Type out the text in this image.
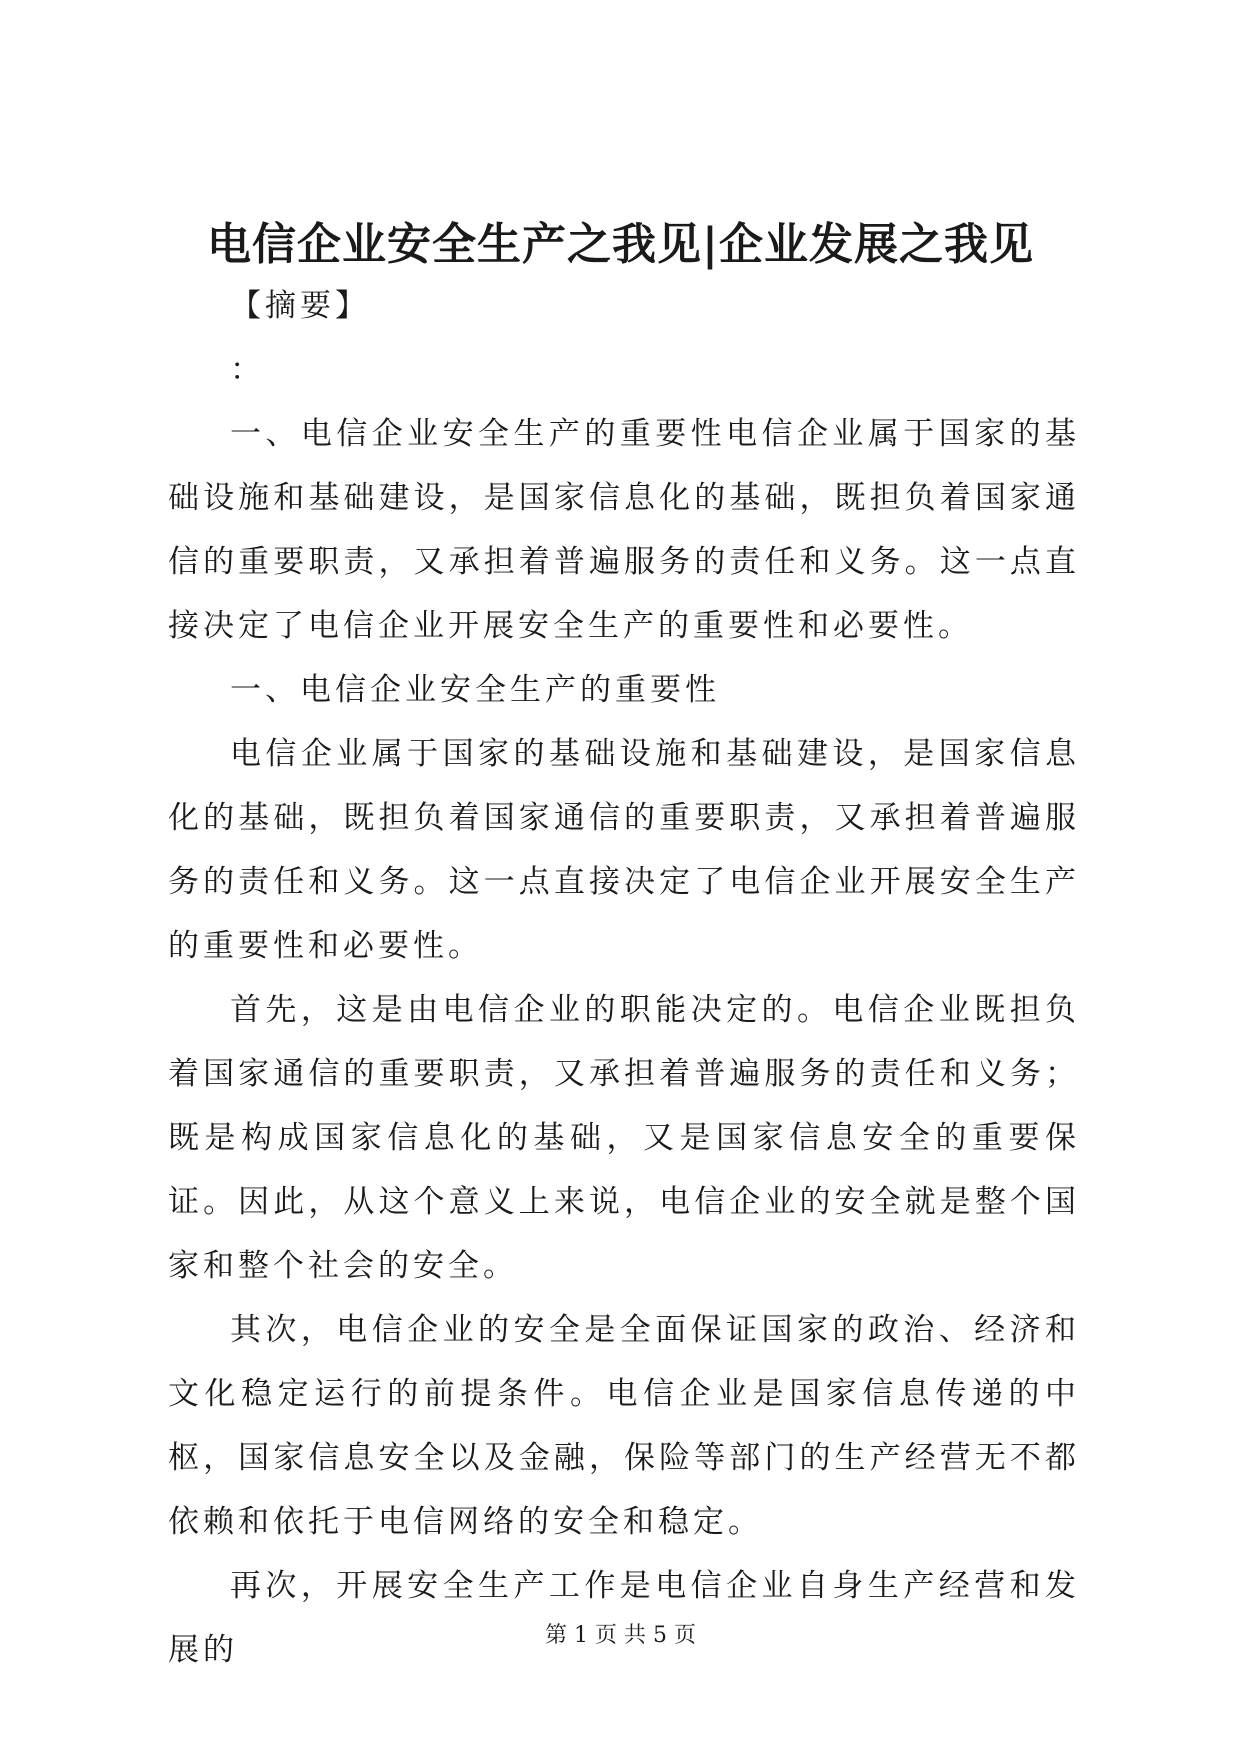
电信企业安全生产之我见|企业发展之我见

【摘要】

：

一、电信企业安全生产的重要性电信企业属于国家的基础设施和基础建设，是国家信息化的基础，既担负着国家通信的重要职责，又承担着普遍服务的责任和义务。这一点直接决定了电信企业开展安全生产的重要性和必要性。

一、电信企业安全生产的重要性

电信企业属于国家的基础设施和基础建设，是国家信息化的基础，既担负着国家通信的重要职责，又承担着普遍服务的责任和义务。这一点直接决定了电信企业开展安全生产的重要性和必要性。

首先，这是由电信企业的职能决定的。电信企业既担负着国家通信的重要职责，又承担着普遍服务的责任和义务；既是构成国家信息化的基础，又是国家信息安全的重要保证。因此，从这个意义上来说，电信企业的安全就是整个国家和整个社会的安全。

其次，电信企业的安全是全面保证国家的政治、经济和文化稳定运行的前提条件。电信企业是国家信息传递的中枢，国家信息安全以及金融，保险等部门的生产经营无不都依赖和依托于电信网络的安全和稳定。

再次，开展安全生产工作是电信企业自身生产经营和发展的	第 1 页 共 5 页
